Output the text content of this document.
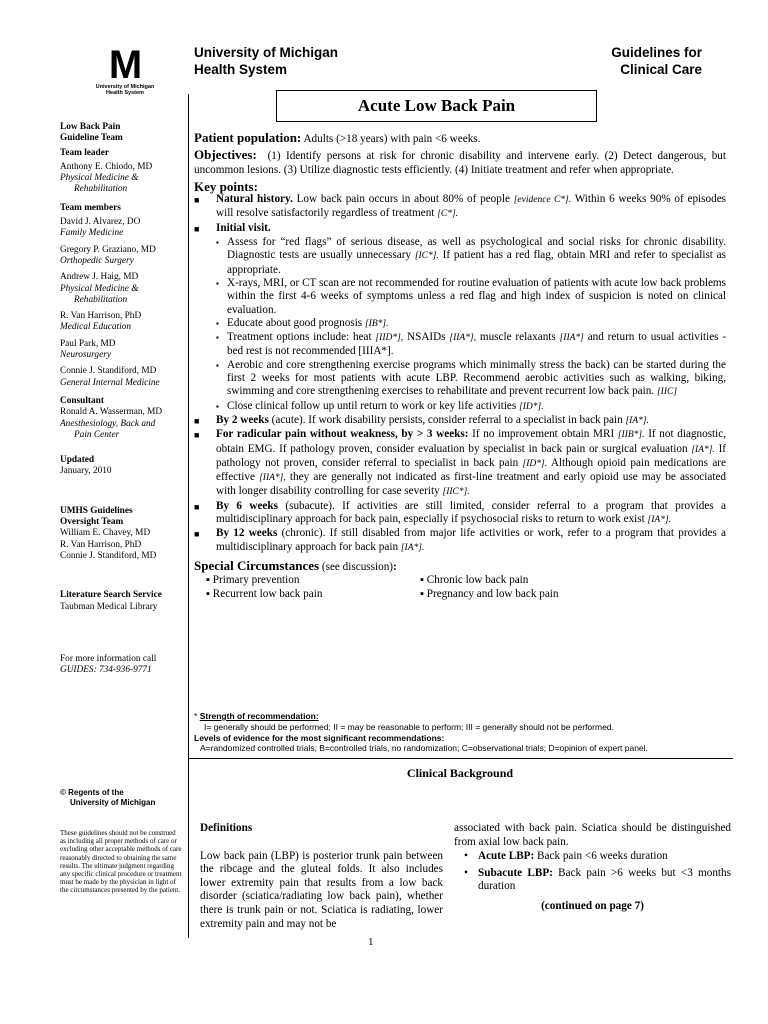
M
University of Michigan
Health System
University of Michigan
Health System
Guidelines for
Clinical Care
Acute Low Back Pain
Low Back Pain
Guideline Team
Team leader
Anthony E. Chiodo, MD
Physical Medicine &
Rehabilitation
Team members
David J. Alvarez, DO
Family Medicine
Gregory P. Graziano, MD
Orthopedic Surgery
Andrew J. Haig, MD
Physical Medicine &
Rehabilitation
R. Van Harrison, PhD
Medical Education
Paul Park, MD
Neurosurgery
Connie J. Standiford, MD
General Internal Medicine
Consultant
Ronald A. Wasserman, MD
Anesthesiology, Back and
Pain Center
Updated
January, 2010
UMHS Guidelines
Oversight Team
William E. Chavey, MD
R. Van Harrison, PhD
Connie J. Standiford, MD
Literature Search Service
Taubman Medical Library
For more information call
GUIDES: 734-936-9771
© Regents of the
University of Michigan
These guidelines should not be construed as including all proper methods of care or excluding other acceptable methods of care reasonably directed to obtaining the same results. The ultimate judgment regarding any specific clinical procedure or treatment must be made by the physician in light of the circumstances presented by the patient.

Patient population: Adults (>18 years) with pain <6 weeks.

Objectives: (1) Identify persons at risk for chronic disability and intervene early. (2) Detect dangerous, but uncommon lesions. (3) Utilize diagnostic tests efficiently. (4) Initiate treatment and refer when appropriate.

Key points:

■	Natural history. Low back pain occurs in about 80% of people [evidence C*]. Within 6 weeks 90% of episodes will resolve satisfactorily regardless of treatment [C*].
■	Initial visit.
▪ Assess for “red flags” of serious disease, as well as psychological and social risks for chronic disability. Diagnostic tests are usually unnecessary [IC*]. If patient has a red flag, obtain MRI and refer to specialist as appropriate.
▪ X-rays, MRI, or CT scan are not recommended for routine evaluation of patients with acute low back problems within the first 4-6 weeks of symptoms unless a red flag and high index of suspicion is noted on clinical evaluation.
▪ Educate about good prognosis [IB*].
▪ Treatment options include: heat [IID*], NSAIDs [IIA*], muscle relaxants [IIA*] and return to usual activities - bed rest is not recommended [IIIA*].
▪ Aerobic and core strengthening exercise programs which minimally stress the back) can be started during the first 2 weeks for most patients with acute LBP. Recommend aerobic activities such as walking, biking, swimming and core strengthening exercises to rehabilitate and prevent recurrent low back pain. [IIC]
▪ Close clinical follow up until return to work or key life activities [ID*].
■	By 2 weeks (acute). If work disability persists, consider referral to a specialist in back pain [IA*].
■	For radicular pain without weakness, by > 3 weeks: If no improvement obtain MRI [IIB*]. If not diagnostic, obtain EMG. If pathology proven, consider evaluation by specialist in back pain or surgical evaluation [IA*]. If pathology not proven, consider referral to specialist in back pain [ID*]. Although opioid pain medications are effective [IIA*], they are generally not indicated as first-line treatment and early opioid use may be associated with longer disability controlling for case severity [IIC*].
■	By 6 weeks (subacute). If activities are still limited, consider referral to a program that provides a multidisciplinary approach for back pain, especially if psychosocial risks to return to work exist [IA*].
■	By 12 weeks (chronic). If still disabled from major life activities or work, refer to a program that provides a multidisciplinary approach for back pain [IA*].

Special Circumstances (see discussion):

▪ Primary prevention	▪ Chronic low back pain
▪ Recurrent low back pain	▪ Pregnancy and low back pain
* Strength of recommendation:
I= generally should be performed; II = may be reasonable to perform; III = generally should not be performed.
Levels of evidence for the most significant recommendations:
A=randomized controlled trials; B=controlled trials, no randomization; C=observational trials; D=opinion of expert panel.
Clinical Background
Definitions
Low back pain (LBP) is posterior trunk pain between the ribcage and the gluteal folds. It also includes lower extremity pain that results from a low back disorder (sciatica/radiating low back pain), whether there is trunk pain or not. Sciatica is radiating, lower extremity pain and may not be
associated with back pain. Sciatica should be distinguished from axial low back pain.
• Acute LBP: Back pain <6 weeks duration
• Subacute LBP: Back pain >6 weeks but <3 months duration
(continued on page 7)
1
